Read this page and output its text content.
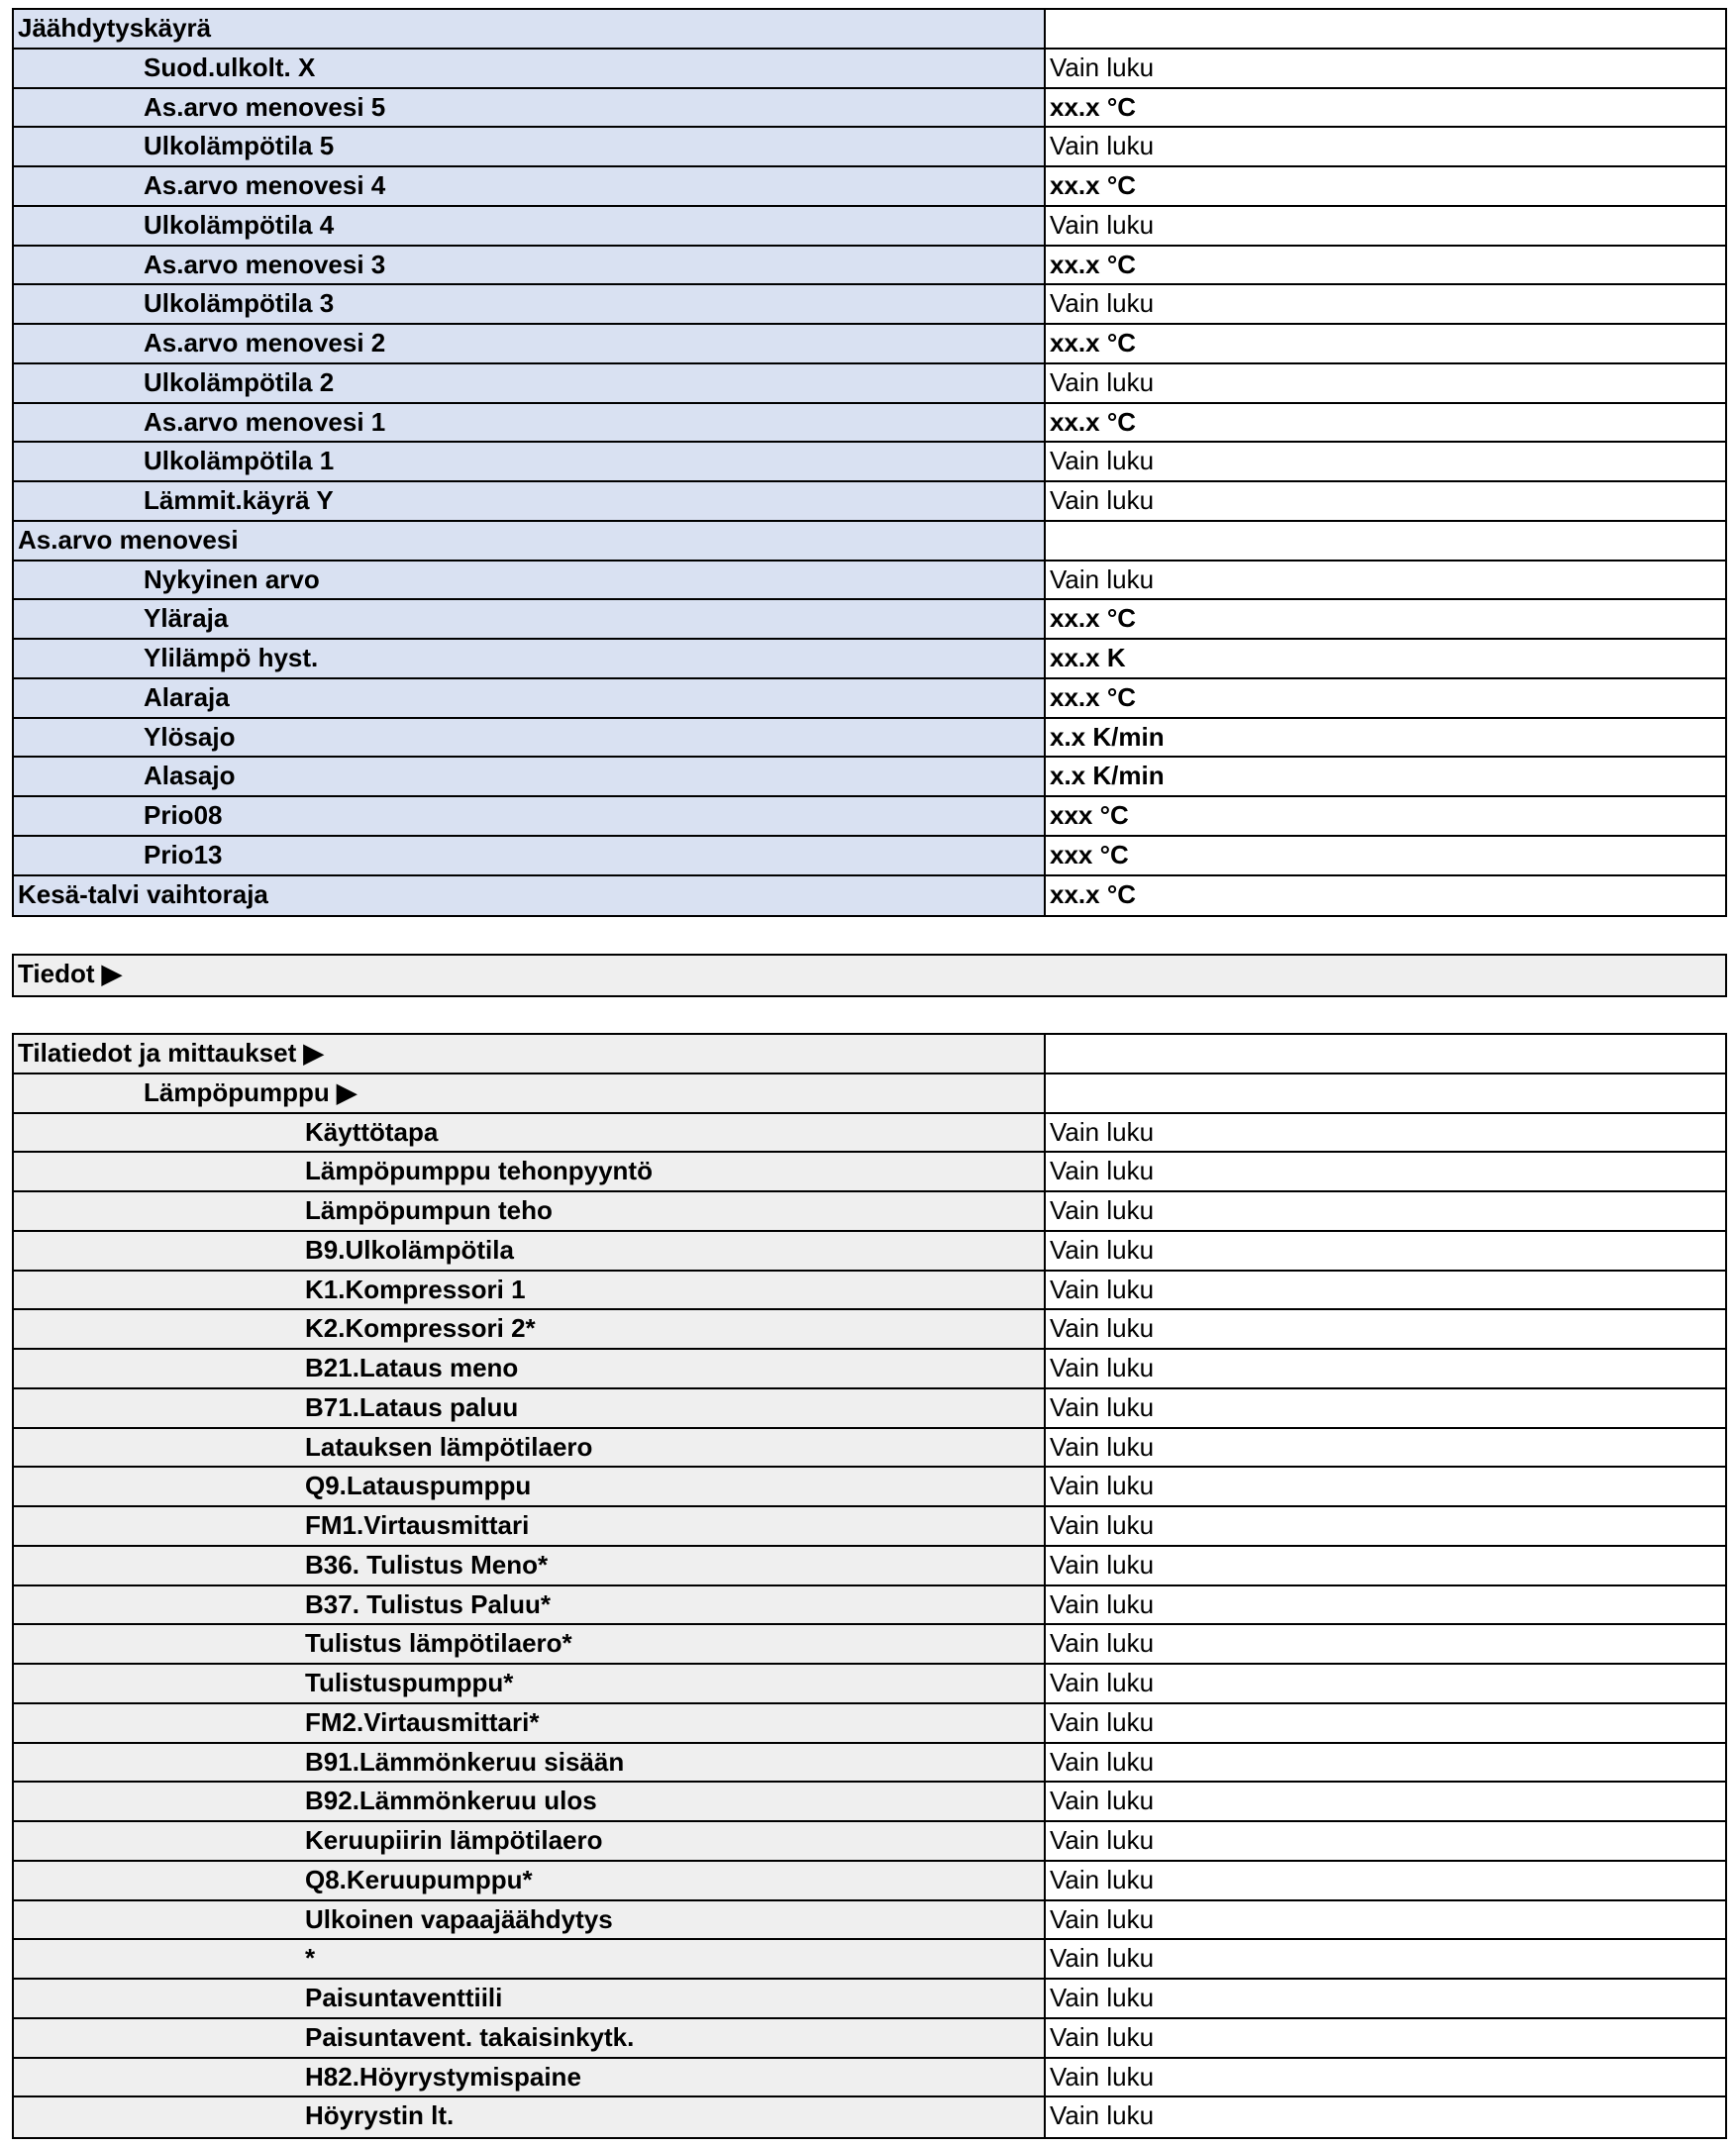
Jäähdytyskäyrä
Suod.ulkolt. X	Vain luku
As.arvo menovesi 5	xx.x °C
Ulkolämpötila 5	Vain luku
As.arvo menovesi 4	xx.x °C
Ulkolämpötila 4	Vain luku
As.arvo menovesi 3	xx.x °C
Ulkolämpötila 3	Vain luku
As.arvo menovesi 2	xx.x °C
Ulkolämpötila 2	Vain luku
As.arvo menovesi 1	xx.x °C
Ulkolämpötila 1	Vain luku
Lämmit.käyrä Y	Vain luku
As.arvo menovesi
Nykyinen arvo	Vain luku
Yläraja	xx.x °C
Ylilämpö hyst.	xx.x K
Alaraja	xx.x °C
Ylösajo	x.x K/min
Alasajo	x.x K/min
Prio08	xxx °C
Prio13	xxx °C
Kesä-talvi vaihtoraja	xx.x °C
Tiedot ▶
Tilatiedot ja mittaukset ▶
Lämpöpumppu ▶
Käyttötapa	Vain luku
Lämpöpumppu tehonpyyntö	Vain luku
Lämpöpumpun teho	Vain luku
B9.Ulkolämpötila	Vain luku
K1.Kompressori 1	Vain luku
K2.Kompressori 2*	Vain luku
B21.Lataus meno	Vain luku
B71.Lataus paluu	Vain luku
Latauksen lämpötilaero	Vain luku
Q9.Latauspumppu	Vain luku
FM1.Virtausmittari	Vain luku
B36. Tulistus Meno*	Vain luku
B37. Tulistus Paluu*	Vain luku
Tulistus lämpötilaero*	Vain luku
Tulistuspumppu*	Vain luku
FM2.Virtausmittari*	Vain luku
B91.Lämmönkeruu sisään	Vain luku
B92.Lämmönkeruu ulos	Vain luku
Keruupiirin lämpötilaero	Vain luku
Q8.Keruupumppu*	Vain luku
Ulkoinen vapaajäähdytys	Vain luku
*	Vain luku
Paisuntaventtiili	Vain luku
Paisuntavent. takaisinkytk.	Vain luku
H82.Höyrystymispaine	Vain luku
Höyrystin lt.	Vain luku
